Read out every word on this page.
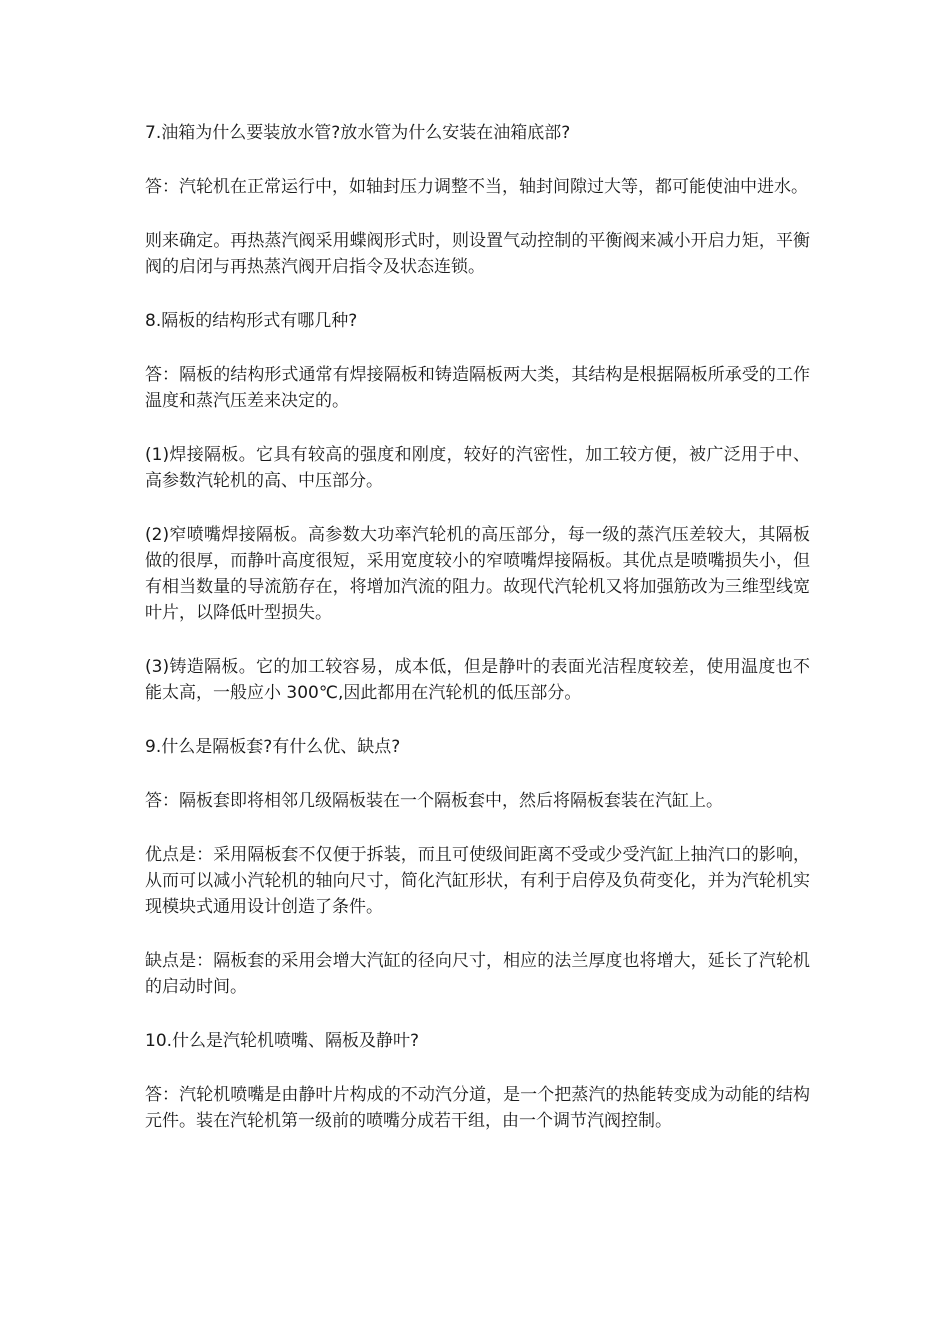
7.油箱为什么要装放水管?放水管为什么安装在油箱底部?

答：汽轮机在正常运行中，如轴封压力调整不当，轴封间隙过大等，都可能使油中进水。

则来确定。再热蒸汽阀采用蝶阀形式时，则设置气动控制的平衡阀来减小开启力矩，平衡阀的启闭与再热蒸汽阀开启指令及状态连锁。

8.隔板的结构形式有哪几种?

答：隔板的结构形式通常有焊接隔板和铸造隔板两大类，其结构是根据隔板所承受的工作温度和蒸汽压差来决定的。

(1)焊接隔板。它具有较高的强度和刚度，较好的汽密性，加工较方便，被广泛用于中、高参数汽轮机的高、中压部分。

(2)窄喷嘴焊接隔板。高参数大功率汽轮机的高压部分，每一级的蒸汽压差较大，其隔板做的很厚，而静叶高度很短，采用宽度较小的窄喷嘴焊接隔板。其优点是喷嘴损失小，但有相当数量的导流筋存在，将增加汽流的阻力。故现代汽轮机又将加强筋改为三维型线宽叶片，以降低叶型损失。

(3)铸造隔板。它的加工较容易，成本低，但是静叶的表面光洁程度较差，使用温度也不能太高，一般应小 300℃,因此都用在汽轮机的低压部分。

9.什么是隔板套?有什么优、缺点?

答：隔板套即将相邻几级隔板装在一个隔板套中，然后将隔板套装在汽缸上。

优点是：采用隔板套不仅便于拆装，而且可使级间距离不受或少受汽缸上抽汽口的影响，从而可以减小汽轮机的轴向尺寸，简化汽缸形状，有利于启停及负荷变化，并为汽轮机实现模块式通用设计创造了条件。

缺点是：隔板套的采用会增大汽缸的径向尺寸，相应的法兰厚度也将增大，延长了汽轮机的启动时间。

10.什么是汽轮机喷嘴、隔板及静叶?

答：汽轮机喷嘴是由静叶片构成的不动汽分道，是一个把蒸汽的热能转变成为动能的结构元件。装在汽轮机第一级前的喷嘴分成若干组，由一个调节汽阀控制。
